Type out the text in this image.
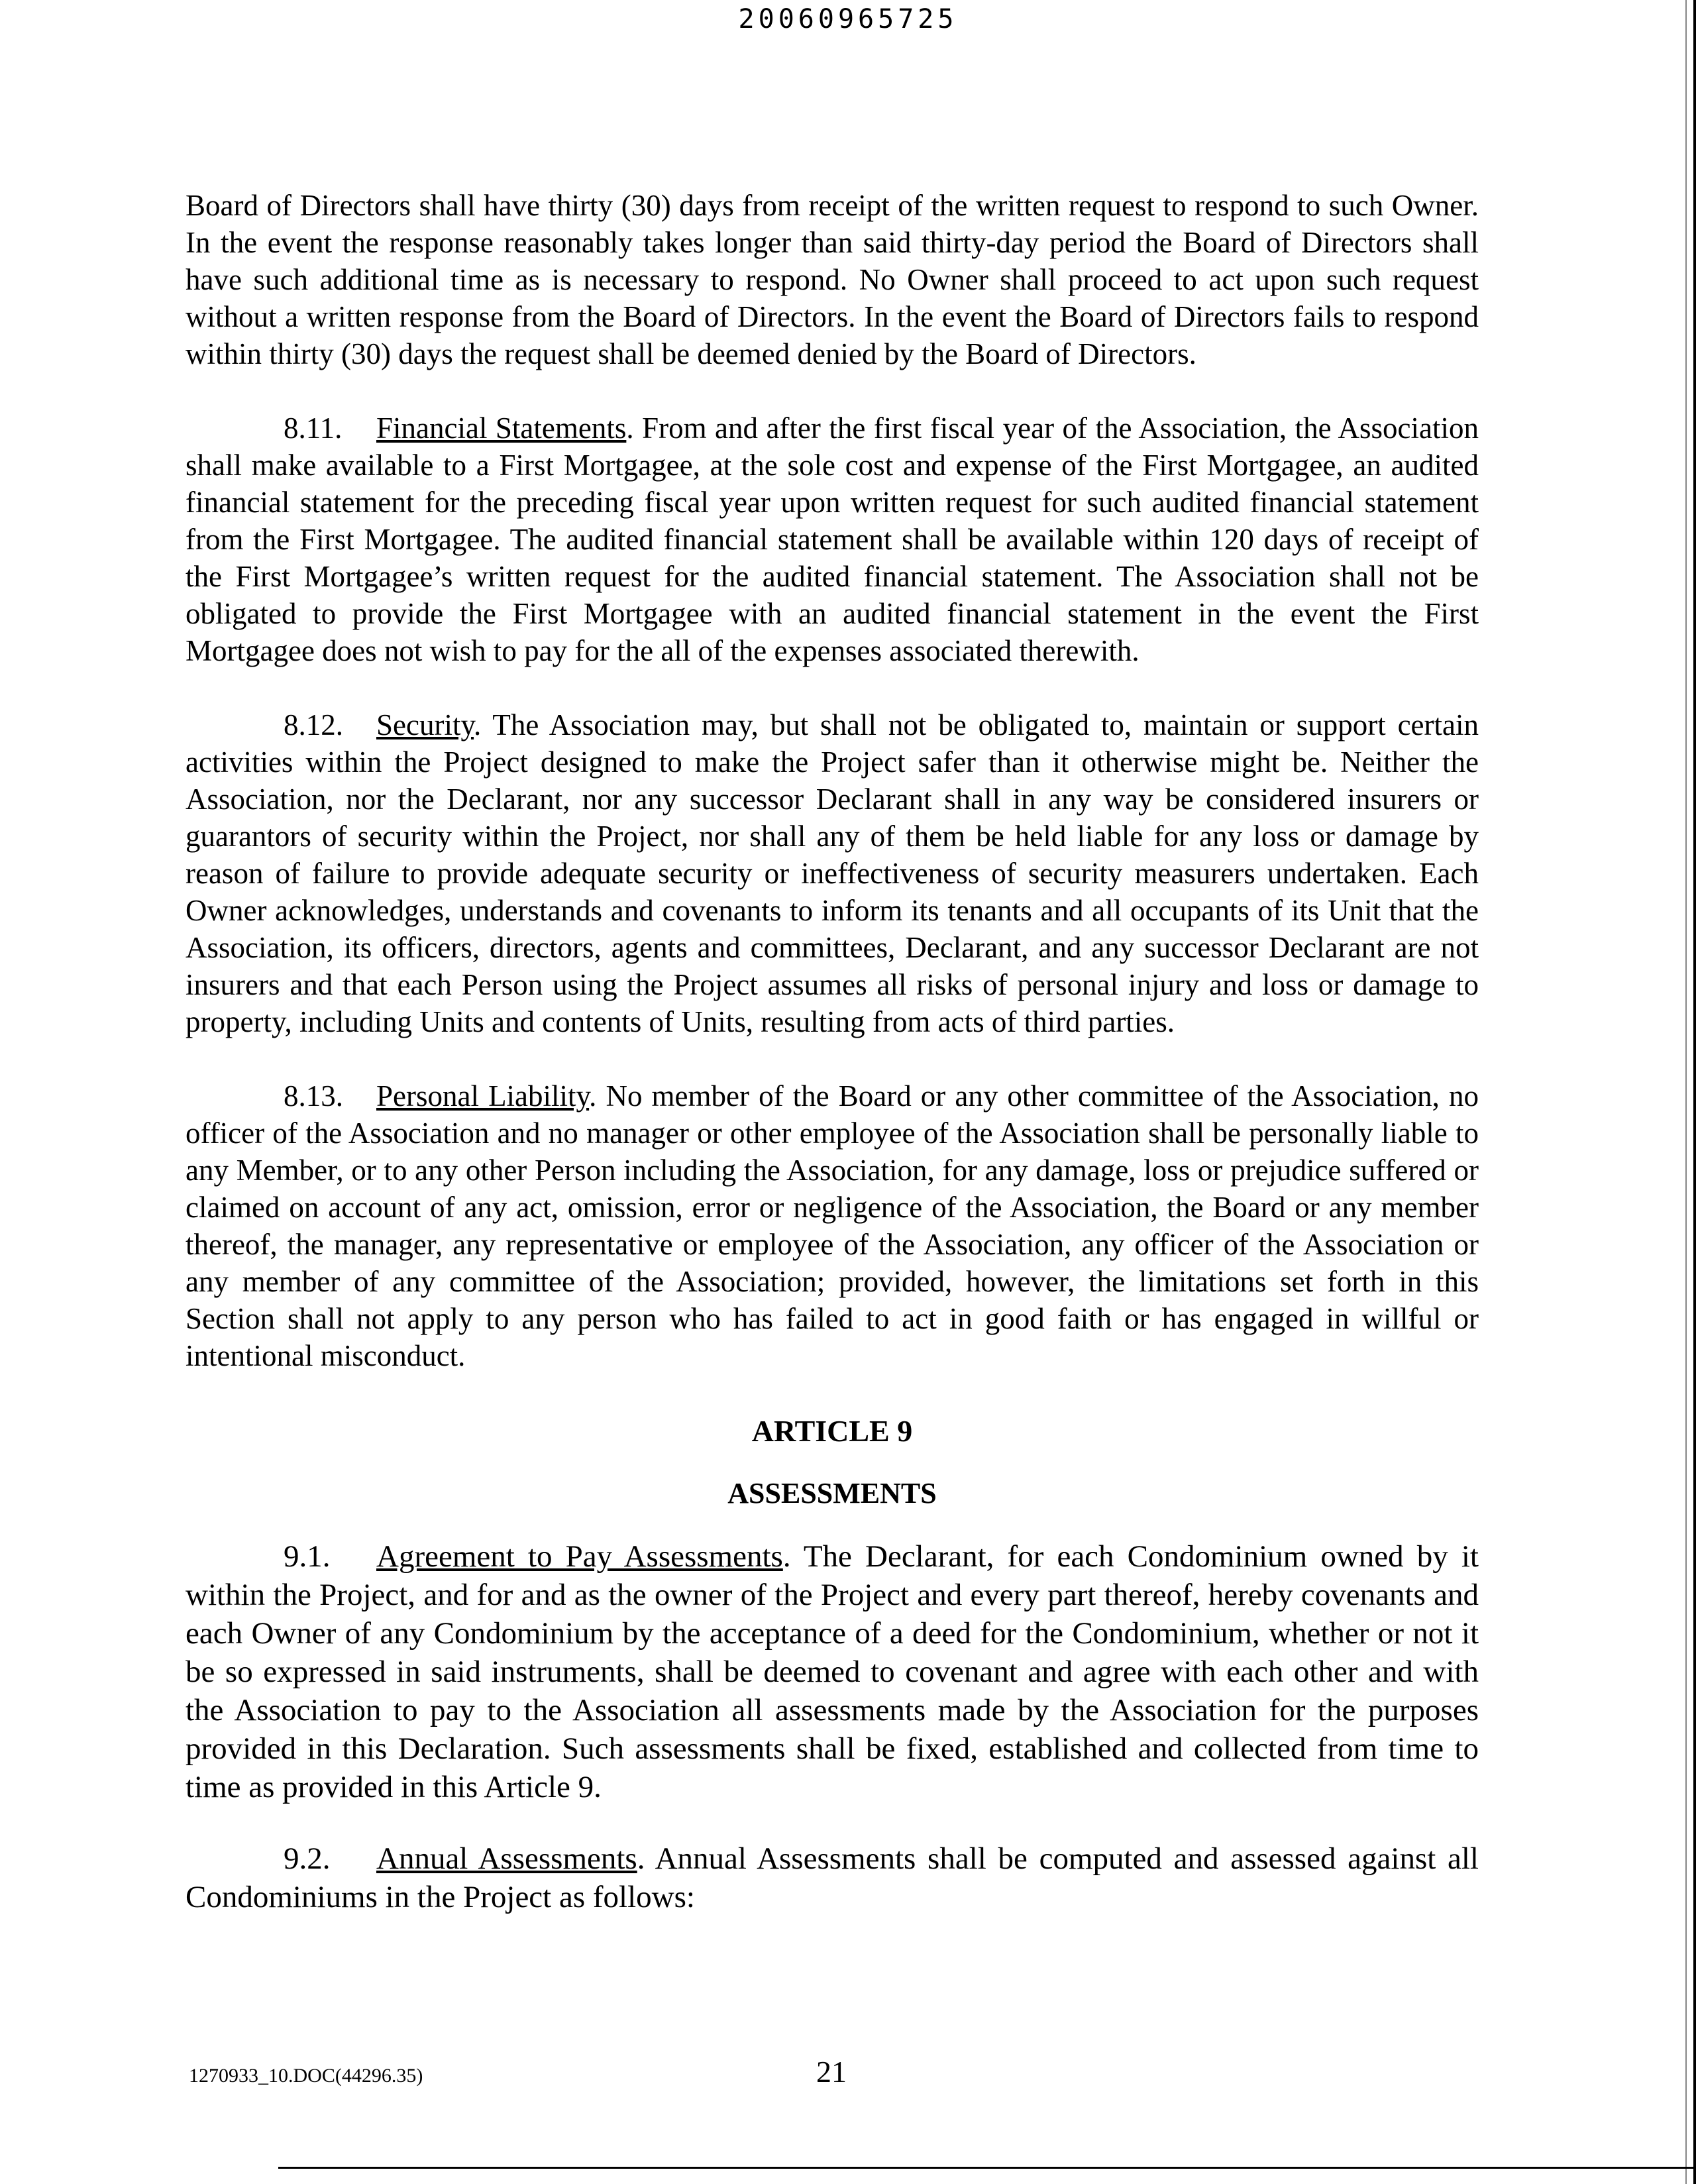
20060965725

Board of Directors shall have thirty (30) days from receipt of the written request to respond to such Owner. In the event the response reasonably takes longer than said thirty-day period the Board of Directors shall have such additional time as is necessary to respond. No Owner shall proceed to act upon such request without a written response from the Board of Directors. In the event the Board of Directors fails to respond within thirty (30) days the request shall be deemed denied by the Board of Directors.

8.11. Financial Statements. From and after the first fiscal year of the Association, the Association shall make available to a First Mortgagee, at the sole cost and expense of the First Mortgagee, an audited financial statement for the preceding fiscal year upon written request for such audited financial statement from the First Mortgagee. The audited financial statement shall be available within 120 days of receipt of the First Mortgagee’s written request for the audited financial statement. The Association shall not be obligated to provide the First Mortgagee with an audited financial statement in the event the First Mortgagee does not wish to pay for the all of the expenses associated therewith.

8.12. Security. The Association may, but shall not be obligated to, maintain or support certain activities within the Project designed to make the Project safer than it otherwise might be. Neither the Association, nor the Declarant, nor any successor Declarant shall in any way be considered insurers or guarantors of security within the Project, nor shall any of them be held liable for any loss or damage by reason of failure to provide adequate security or ineffectiveness of security measurers undertaken. Each Owner acknowledges, understands and covenants to inform its tenants and all occupants of its Unit that the Association, its officers, directors, agents and committees, Declarant, and any successor Declarant are not insurers and that each Person using the Project assumes all risks of personal injury and loss or damage to property, including Units and contents of Units, resulting from acts of third parties.

8.13. Personal Liability. No member of the Board or any other committee of the Association, no officer of the Association and no manager or other employee of the Association shall be personally liable to any Member, or to any other Person including the Association, for any damage, loss or prejudice suffered or claimed on account of any act, omission, error or negligence of the Association, the Board or any member thereof, the manager, any representative or employee of the Association, any officer of the Association or any member of any committee of the Association; provided, however, the limitations set forth in this Section shall not apply to any person who has failed to act in good faith or has engaged in willful or intentional misconduct.

ARTICLE 9
ASSESSMENTS

9.1. Agreement to Pay Assessments. The Declarant, for each Condominium owned by it within the Project, and for and as the owner of the Project and every part thereof, hereby covenants and each Owner of any Condominium by the acceptance of a deed for the Condominium, whether or not it be so expressed in said instruments, shall be deemed to covenant and agree with each other and with the Association to pay to the Association all assessments made by the Association for the purposes provided in this Declaration. Such assessments shall be fixed, established and collected from time to time as provided in this Article 9.

9.2. Annual Assessments. Annual Assessments shall be computed and assessed against all Condominiums in the Project as follows:

1270933_10.DOC(44296.35)	21
